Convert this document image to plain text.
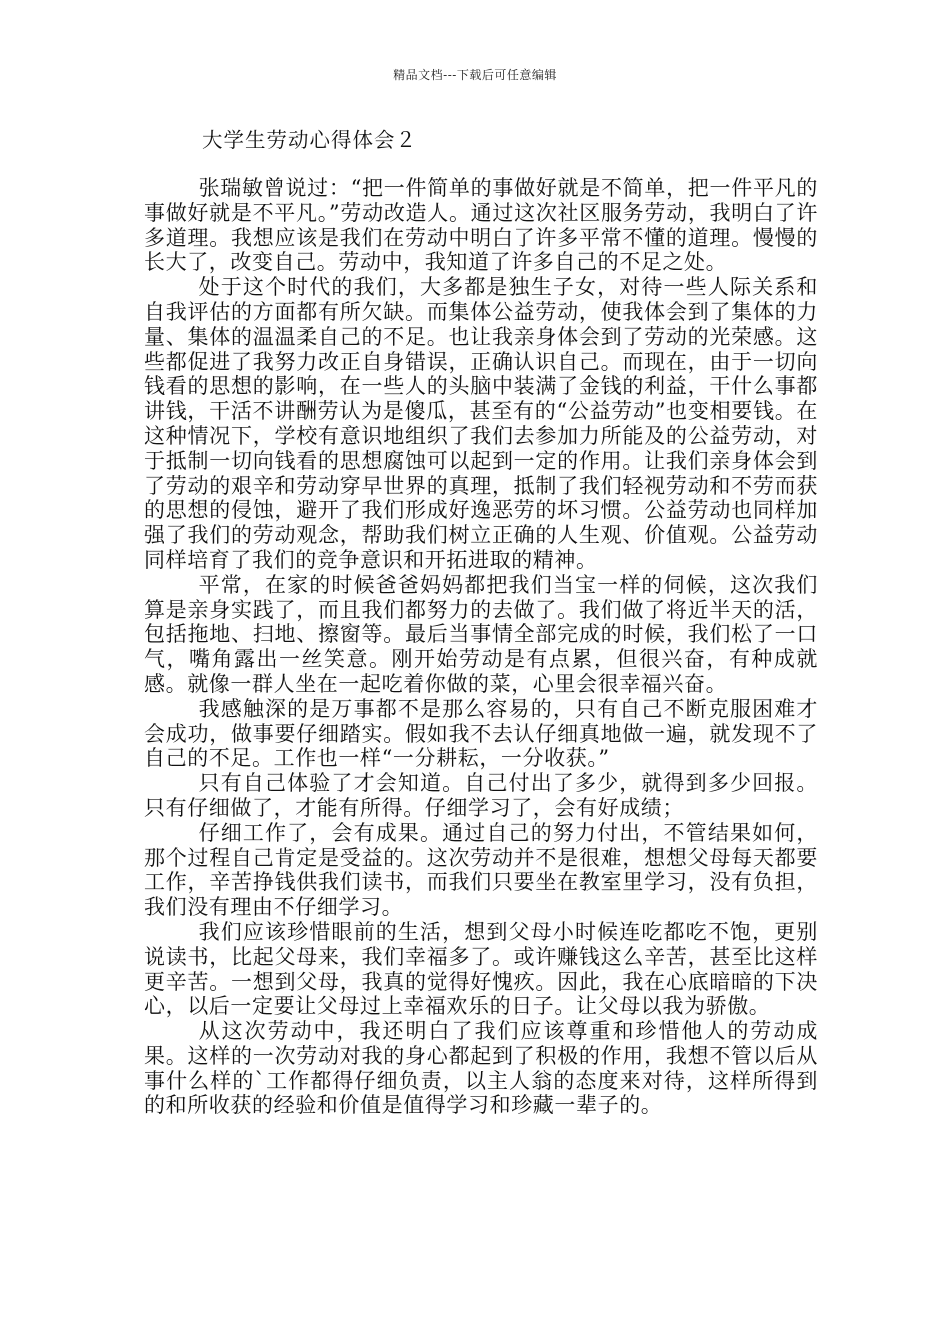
精品文档---下载后可任意编辑
大学生劳动心得体会２

张瑞敏曾说过：“把一件简单的事做好就是不简单，把一件平凡的事做好就是不平凡。”劳动改造人。通过这次社区服务劳动，我明白了许多道理。我想应该是我们在劳动中明白了许多平常不懂的道理。慢慢的长大了，改变自己。劳动中，我知道了许多自己的不足之处。

处于这个时代的我们，大多都是独生子女，对待一些人际关系和自我评估的方面都有所欠缺。而集体公益劳动，使我体会到了集体的力量、集体的温温柔自己的不足。也让我亲身体会到了劳动的光荣感。这些都促进了我努力改正自身错误，正确认识自己。而现在，由于一切向钱看的思想的影响，在一些人的头脑中装满了金钱的利益，干什么事都讲钱，干活不讲酬劳认为是傻瓜，甚至有的“公益劳动”也变相要钱。在这种情况下，学校有意识地组织了我们去参加力所能及的公益劳动，对于抵制一切向钱看的思想腐蚀可以起到一定的作用。让我们亲身体会到了劳动的艰辛和劳动穿早世界的真理，抵制了我们轻视劳动和不劳而获的思想的侵蚀，避开了我们形成好逸恶劳的坏习惯。公益劳动也同样加强了我们的劳动观念，帮助我们树立正确的人生观、价值观。公益劳动同样培育了我们的竞争意识和开拓进取的精神。

平常，在家的时候爸爸妈妈都把我们当宝一样的伺候，这次我们算是亲身实践了，而且我们都努力的去做了。我们做了将近半天的活，包括拖地、扫地、擦窗等。最后当事情全部完成的时候，我们松了一口气，嘴角露出一丝笑意。刚开始劳动是有点累，但很兴奋，有种成就感。就像一群人坐在一起吃着你做的菜，心里会很幸福兴奋。

我感触深的是万事都不是那么容易的，只有自己不断克服困难才会成功，做事要仔细踏实。假如我不去认仔细真地做一遍，就发现不了自己的不足。工作也一样“一分耕耘，一分收获。”

只有自己体验了才会知道。自己付出了多少，就得到多少回报。只有仔细做了，才能有所得。仔细学习了，会有好成绩；

仔细工作了，会有成果。通过自己的努力付出，不管结果如何，那个过程自己肯定是受益的。这次劳动并不是很难，想想父母每天都要工作，辛苦挣钱供我们读书，而我们只要坐在教室里学习，没有负担，我们没有理由不仔细学习。

我们应该珍惜眼前的生活，想到父母小时候连吃都吃不饱，更别说读书，比起父母来，我们幸福多了。或许赚钱这么辛苦，甚至比这样更辛苦。一想到父母，我真的觉得好愧疚。因此，我在心底暗暗的下决心，以后一定要让父母过上幸福欢乐的日子。让父母以我为骄傲。

从这次劳动中，我还明白了我们应该尊重和珍惜他人的劳动成果。这样的一次劳动对我的身心都起到了积极的作用，我想不管以后从事什么样的`工作都得仔细负责，以主人翁的态度来对待，这样所得到的和所收获的经验和价值是值得学习和珍藏一辈子的。
